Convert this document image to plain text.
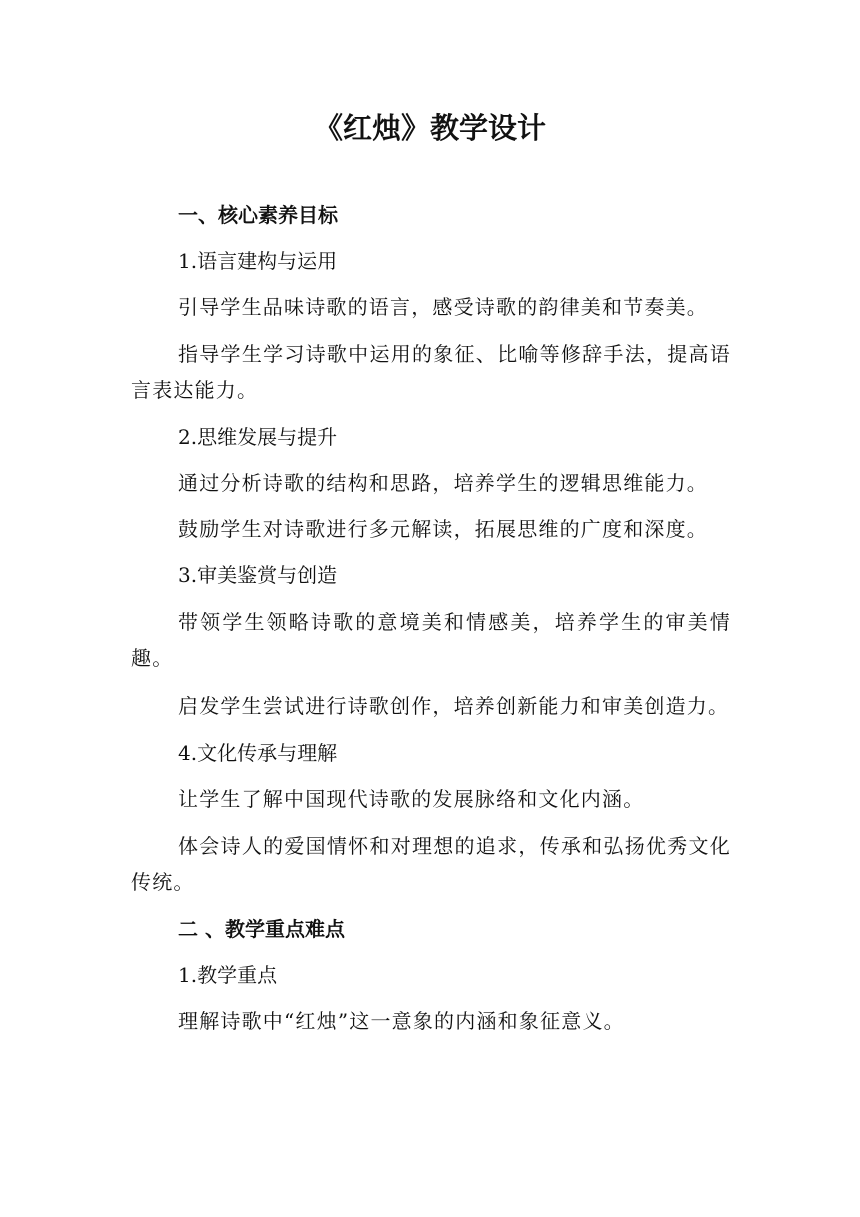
《红烛》教学设计
一、核心素养目标
1.语言建构与运用
引导学生品味诗歌的语言，感受诗歌的韵律美和节奏美。
指导学生学习诗歌中运用的象征、比喻等修辞手法，提高语言表达能力。
2.思维发展与提升
通过分析诗歌的结构和思路，培养学生的逻辑思维能力。
鼓励学生对诗歌进行多元解读，拓展思维的广度和深度。
3.审美鉴赏与创造
带领学生领略诗歌的意境美和情感美，培养学生的审美情趣。
启发学生尝试进行诗歌创作，培养创新能力和审美创造力。
4.文化传承与理解
让学生了解中国现代诗歌的发展脉络和文化内涵。
体会诗人的爱国情怀和对理想的追求，传承和弘扬优秀文化传统。
二 、教学重点难点
1.教学重点
理解诗歌中“红烛”这一意象的内涵和象征意义。
